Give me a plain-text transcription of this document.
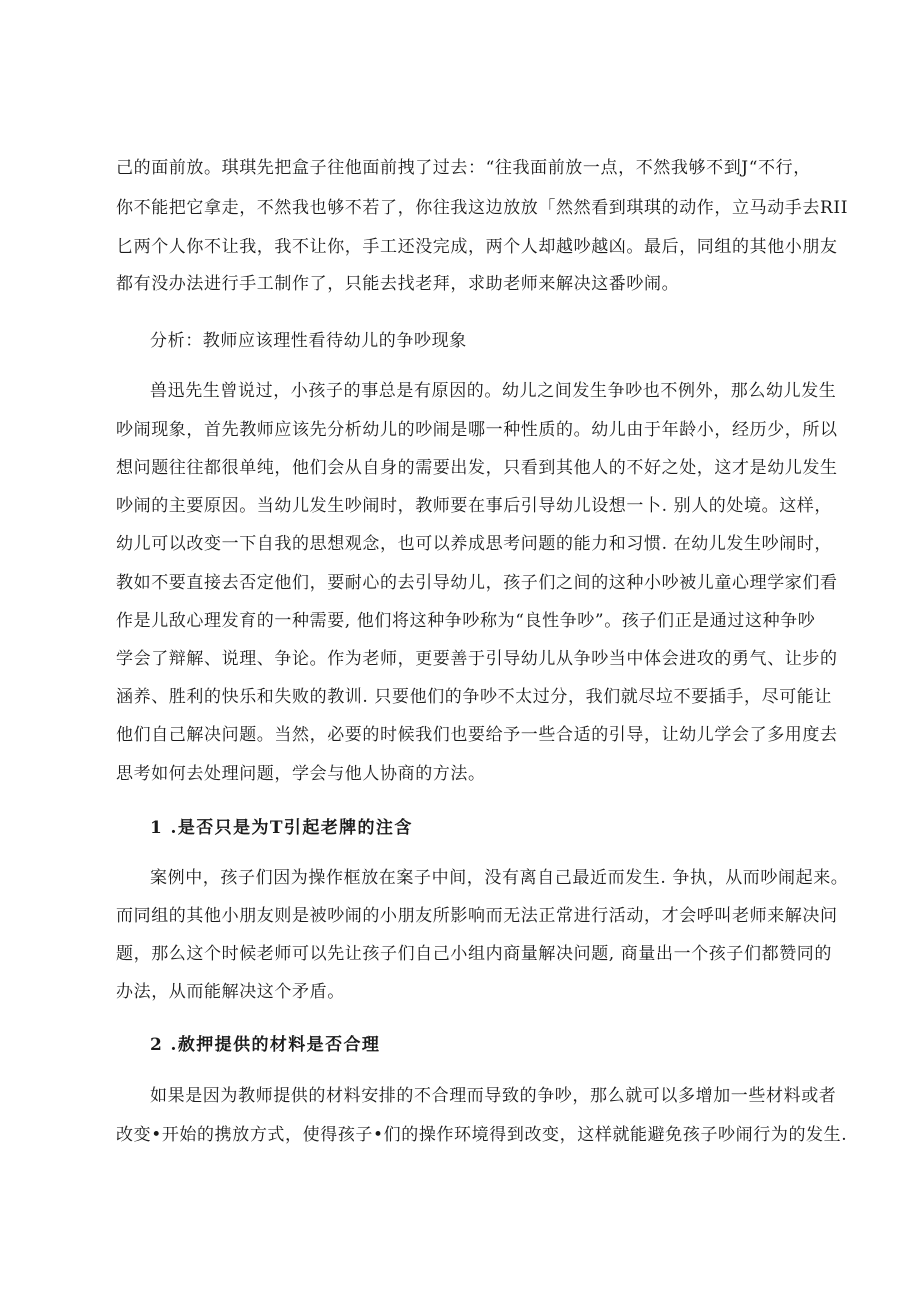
己的面前放。琪琪先把盒子往他面前拽了过去：“往我面前放一点，不然我够不到J“不行，
你不能把它拿走，不然我也够不若了，你往我这边放放「然然看到琪琪的动作，立马动手去RII
匕两个人你不让我，我不让你，手工还没完成，两个人却越吵越凶。最后，同组的其他小朋友
都有没办法进行手工制作了，只能去找老拜，求助老师来解决这番吵闹。
分析：教师应该理性看待幼儿的争吵现象
兽迅先生曾说过，小孩子的事总是有原因的。幼儿之间发生争吵也不例外，那么幼儿发生
吵闹现象，首先教师应该先分析幼儿的吵闹是哪一种性质的。幼儿由于年龄小，经历少，所以
想问题往往都很单纯，他们会从自身的需要出发，只看到其他人的不好之处，这才是幼儿发生
吵闹的主要原因。当幼儿发生吵闹时，教师要在事后引导幼儿设想一卜. 别人的处境。这样，
幼儿可以改变一下自我的思想观念，也可以养成思考问题的能力和习惯. 在幼儿发生吵闹时，
教如不要直接去否定他们，要耐心的去引导幼儿，孩子们之间的这种小吵被儿童心理学家们看
作是儿敌心理发育的一种需要, 他们将这种争吵称为“良性争吵”。孩子们正是通过这种争吵
学会了辩解、说理、争论。作为老师，更要善于引导幼儿从争吵当中体会进攻的勇气、让步的
涵养、胜利的快乐和失败的教训. 只要他们的争吵不太过分，我们就尽垃不要插手，尽可能让
他们自己解决问题。当然，必要的时候我们也要给予一些合适的引导，让幼儿学会了多用度去
思考如何去处理问题，学会与他人协商的方法。
1 .是否只是为T引起老牌的注含
案例中，孩子们因为操作框放在案子中间，没有离自己最近而发生. 争执，从而吵闹起来。
而同组的其他小朋友则是被吵闹的小朋友所影响而无法正常进行活动，才会呼叫老师来解决问
题，那么这个时候老师可以先让孩子们自己小组内商量解决问题, 商量出一个孩子们都赞同的
办法，从而能解决这个矛盾。
2 .赦押提供的材料是否合理
如果是因为教师提供的材料安排的不合理而导致的争吵，那么就可以多增加一些材料或者
改变•开始的携放方式，使得孩子•们的操作环境得到改变，这样就能避免孩子吵闹行为的发生.
